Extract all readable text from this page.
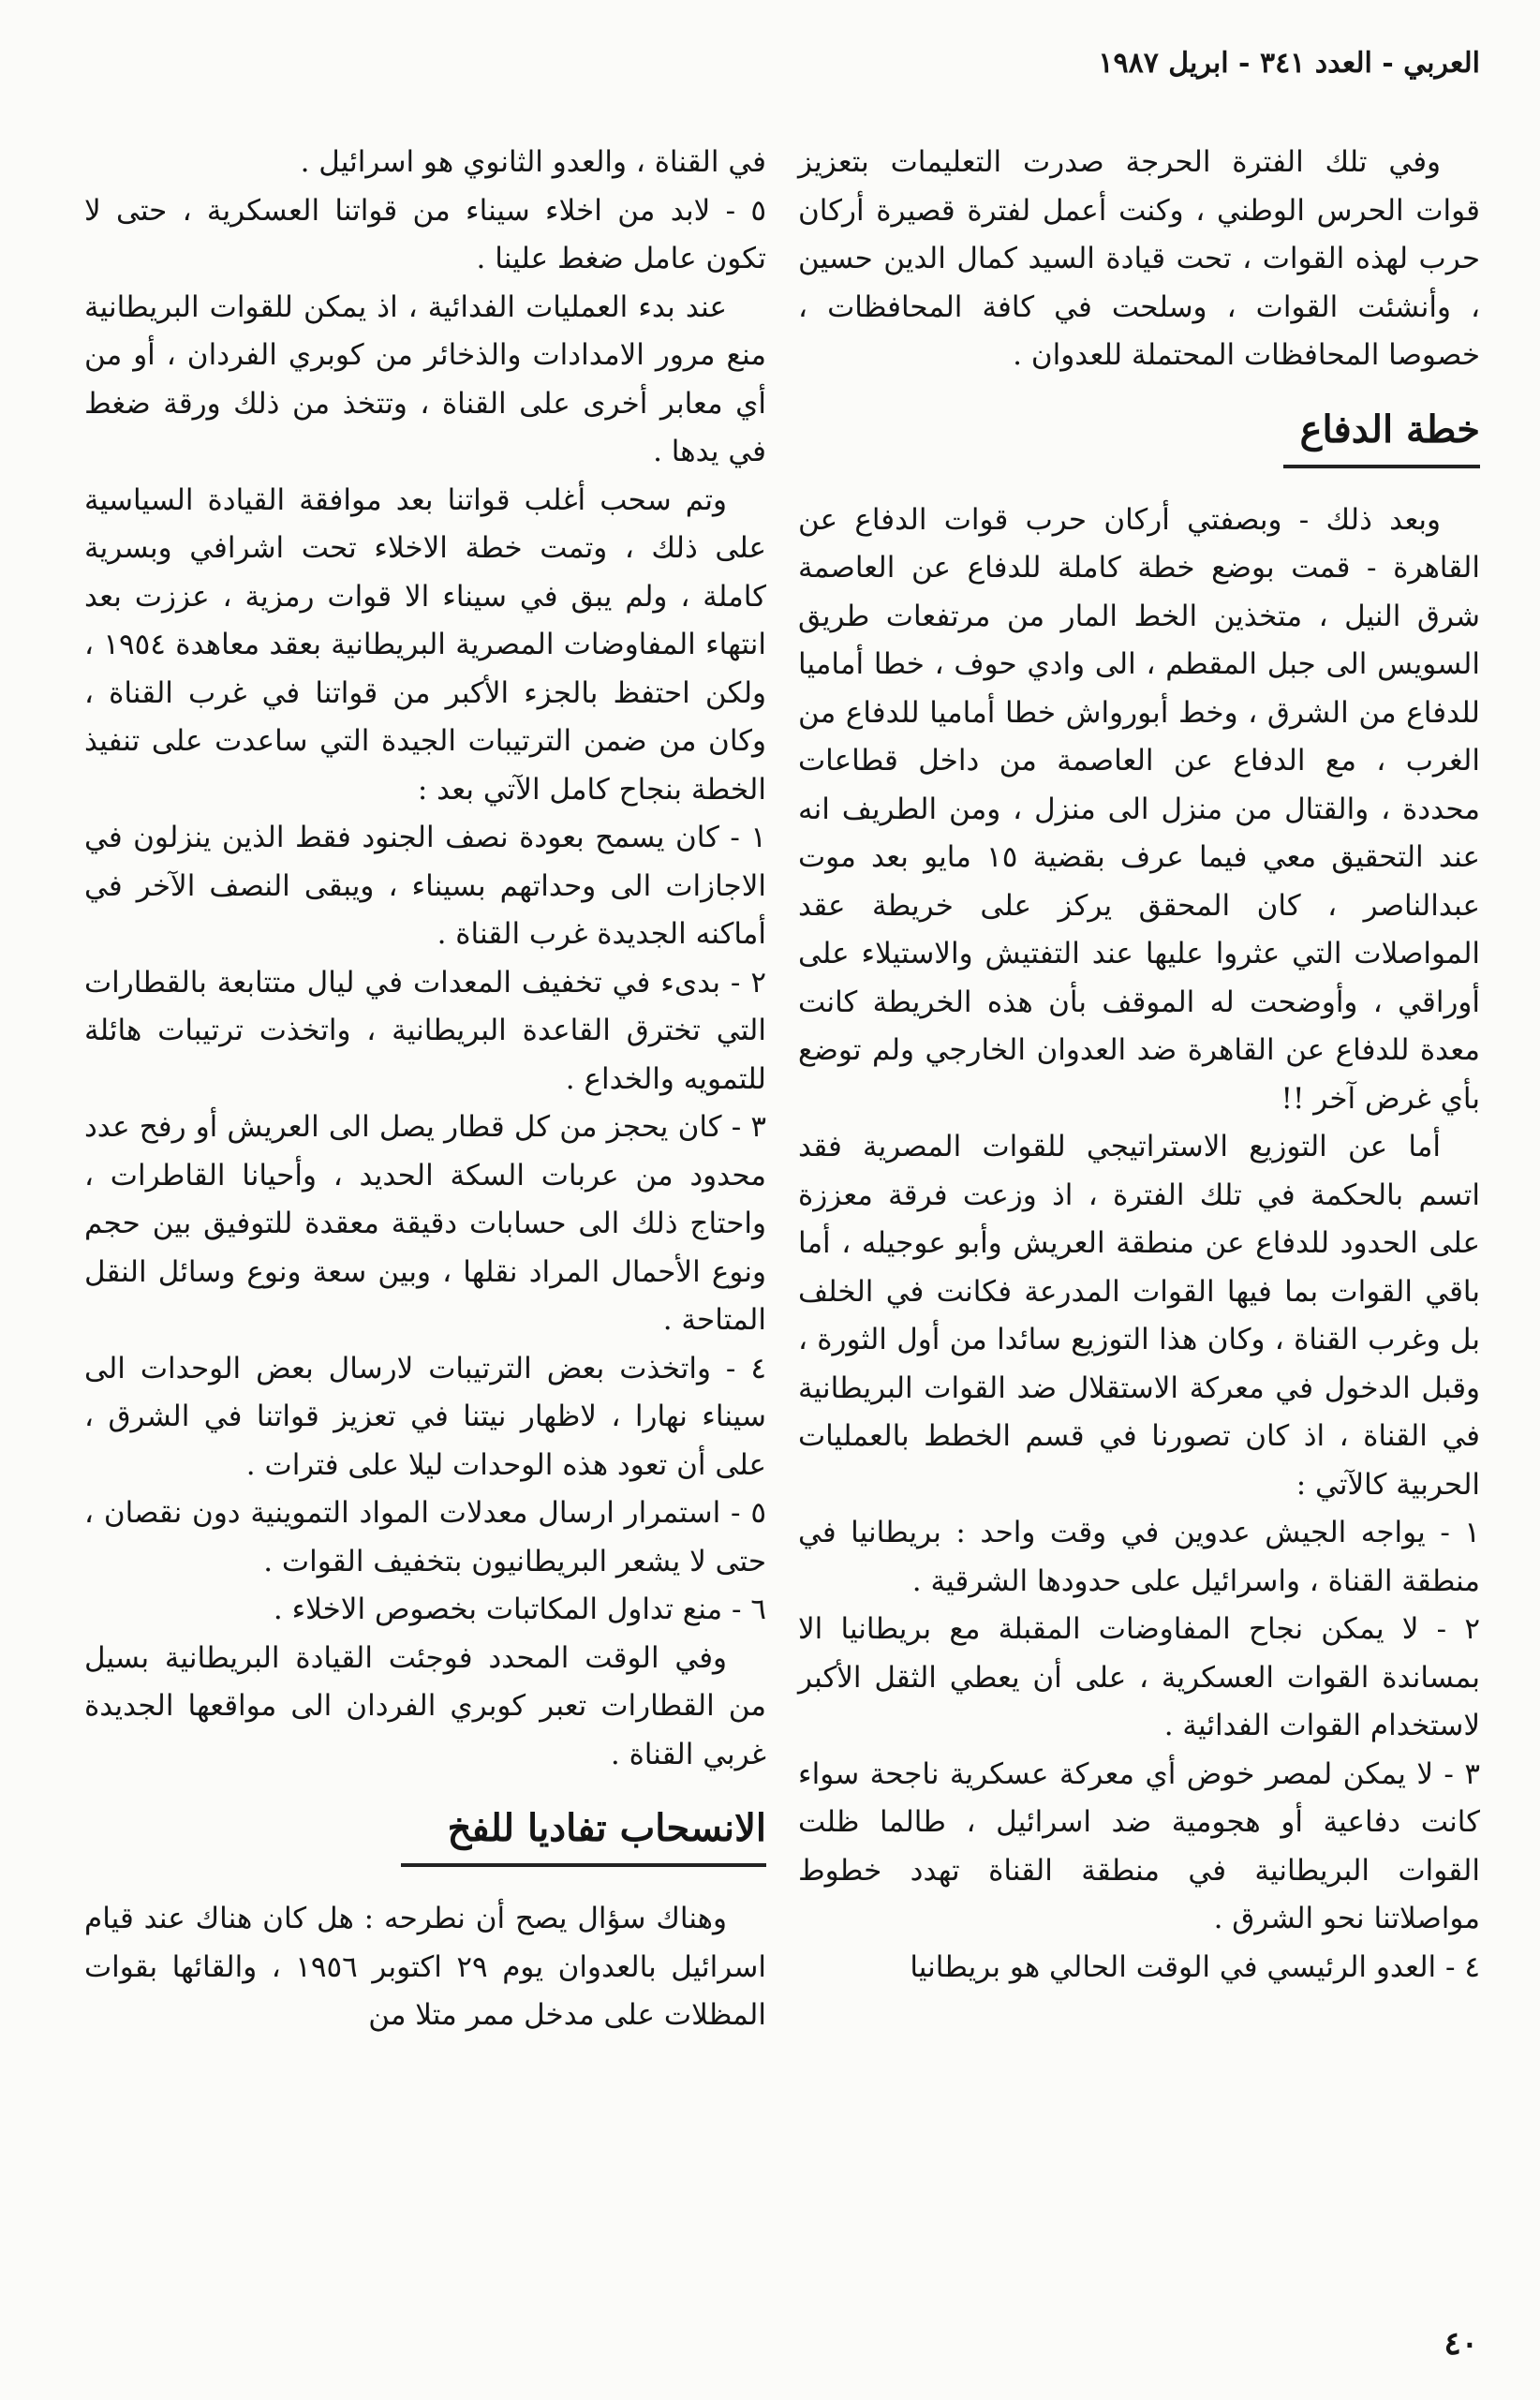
العربي - العدد ٣٤١ - ابريل ١٩٨٧

وفي تلك الفترة الحرجة صدرت التعليمات بتعزيز قوات الحرس الوطني ، وكنت أعمل لفترة قصيرة أركان حرب لهذه القوات ، تحت قيادة السيد كمال الدين حسين ، وأنشئت القوات ، وسلحت في كافة المحافظات ، خصوصا المحافظات المحتملة للعدوان .

خطة الدفاع

وبعد ذلك - وبصفتي أركان حرب قوات الدفاع عن القاهرة - قمت بوضع خطة كاملة للدفاع عن العاصمة شرق النيل ، متخذين الخط المار من مرتفعات طريق السويس الى جبل المقطم ، الى وادي حوف ، خطا أماميا للدفاع من الشرق ، وخط أبورواش خطا أماميا للدفاع من الغرب ، مع الدفاع عن العاصمة من داخل قطاعات محددة ، والقتال من منزل الى منزل ، ومن الطريف انه عند التحقيق معي فيما عرف بقضية ١٥ مايو بعد موت عبدالناصر ، كان المحقق يركز على خريطة عقد المواصلات التي عثروا عليها عند التفتيش والاستيلاء على أوراقي ، وأوضحت له الموقف بأن هذه الخريطة كانت معدة للدفاع عن القاهرة ضد العدوان الخارجي ولم توضع بأي غرض آخر !!

أما عن التوزيع الاستراتيجي للقوات المصرية فقد اتسم بالحكمة في تلك الفترة ، اذ وزعت فرقة معززة على الحدود للدفاع عن منطقة العريش وأبو عوجيله ، أما باقي القوات بما فيها القوات المدرعة فكانت في الخلف بل وغرب القناة ، وكان هذا التوزيع سائدا من أول الثورة ، وقبل الدخول في معركة الاستقلال ضد القوات البريطانية في القناة ، اذ كان تصورنا في قسم الخطط بالعمليات الحربية كالآتي :

١ - يواجه الجيش عدوين في وقت واحد : بريطانيا في منطقة القناة ، واسرائيل على حدودها الشرقية .

٢ - لا يمكن نجاح المفاوضات المقبلة مع بريطانيا الا بمساندة القوات العسكرية ، على أن يعطي الثقل الأكبر لاستخدام القوات الفدائية .

٣ - لا يمكن لمصر خوض أي معركة عسكرية ناجحة سواء كانت دفاعية أو هجومية ضد اسرائيل ، طالما ظلت القوات البريطانية في منطقة القناة تهدد خطوط مواصلاتنا نحو الشرق .

٤ - العدو الرئيسي في الوقت الحالي هو بريطانيا

في القناة ، والعدو الثانوي هو اسرائيل .

٥ - لابد من اخلاء سيناء من قواتنا العسكرية ، حتى لا تكون عامل ضغط علينا .

عند بدء العمليات الفدائية ، اذ يمكن للقوات البريطانية منع مرور الامدادات والذخائر من كوبري الفردان ، أو من أي معابر أخرى على القناة ، وتتخذ من ذلك ورقة ضغط في يدها .

وتم سحب أغلب قواتنا بعد موافقة القيادة السياسية على ذلك ، وتمت خطة الاخلاء تحت اشرافي وبسرية كاملة ، ولم يبق في سيناء الا قوات رمزية ، عززت بعد انتهاء المفاوضات المصرية البريطانية بعقد معاهدة ١٩٥٤ ، ولكن احتفظ بالجزء الأكبر من قواتنا في غرب القناة ، وكان من ضمن الترتيبات الجيدة التي ساعدت على تنفيذ الخطة بنجاح كامل الآتي بعد :

١ - كان يسمح بعودة نصف الجنود فقط الذين ينزلون في الاجازات الى وحداتهم بسيناء ، ويبقى النصف الآخر في أماكنه الجديدة غرب القناة .

٢ - بدىء في تخفيف المعدات في ليال متتابعة بالقطارات التي تخترق القاعدة البريطانية ، واتخذت ترتيبات هائلة للتمويه والخداع .

٣ - كان يحجز من كل قطار يصل الى العريش أو رفح عدد محدود من عربات السكة الحديد ، وأحيانا القاطرات ، واحتاج ذلك الى حسابات دقيقة معقدة للتوفيق بين حجم ونوع الأحمال المراد نقلها ، وبين سعة ونوع وسائل النقل المتاحة .

٤ - واتخذت بعض الترتيبات لارسال بعض الوحدات الى سيناء نهارا ، لاظهار نيتنا في تعزيز قواتنا في الشرق ، على أن تعود هذه الوحدات ليلا على فترات .

٥ - استمرار ارسال معدلات المواد التموينية دون نقصان ، حتى لا يشعر البريطانيون بتخفيف القوات .

٦ - منع تداول المكاتبات بخصوص الاخلاء .

وفي الوقت المحدد فوجئت القيادة البريطانية بسيل من القطارات تعبر كوبري الفردان الى مواقعها الجديدة غربي القناة .

الانسحاب تفاديا للفخ

وهناك سؤال يصح أن نطرحه : هل كان هناك عند قيام اسرائيل بالعدوان يوم ٢٩ اكتوبر ١٩٥٦ ، والقائها بقوات المظلات على مدخل ممر متلا من

٤٠
